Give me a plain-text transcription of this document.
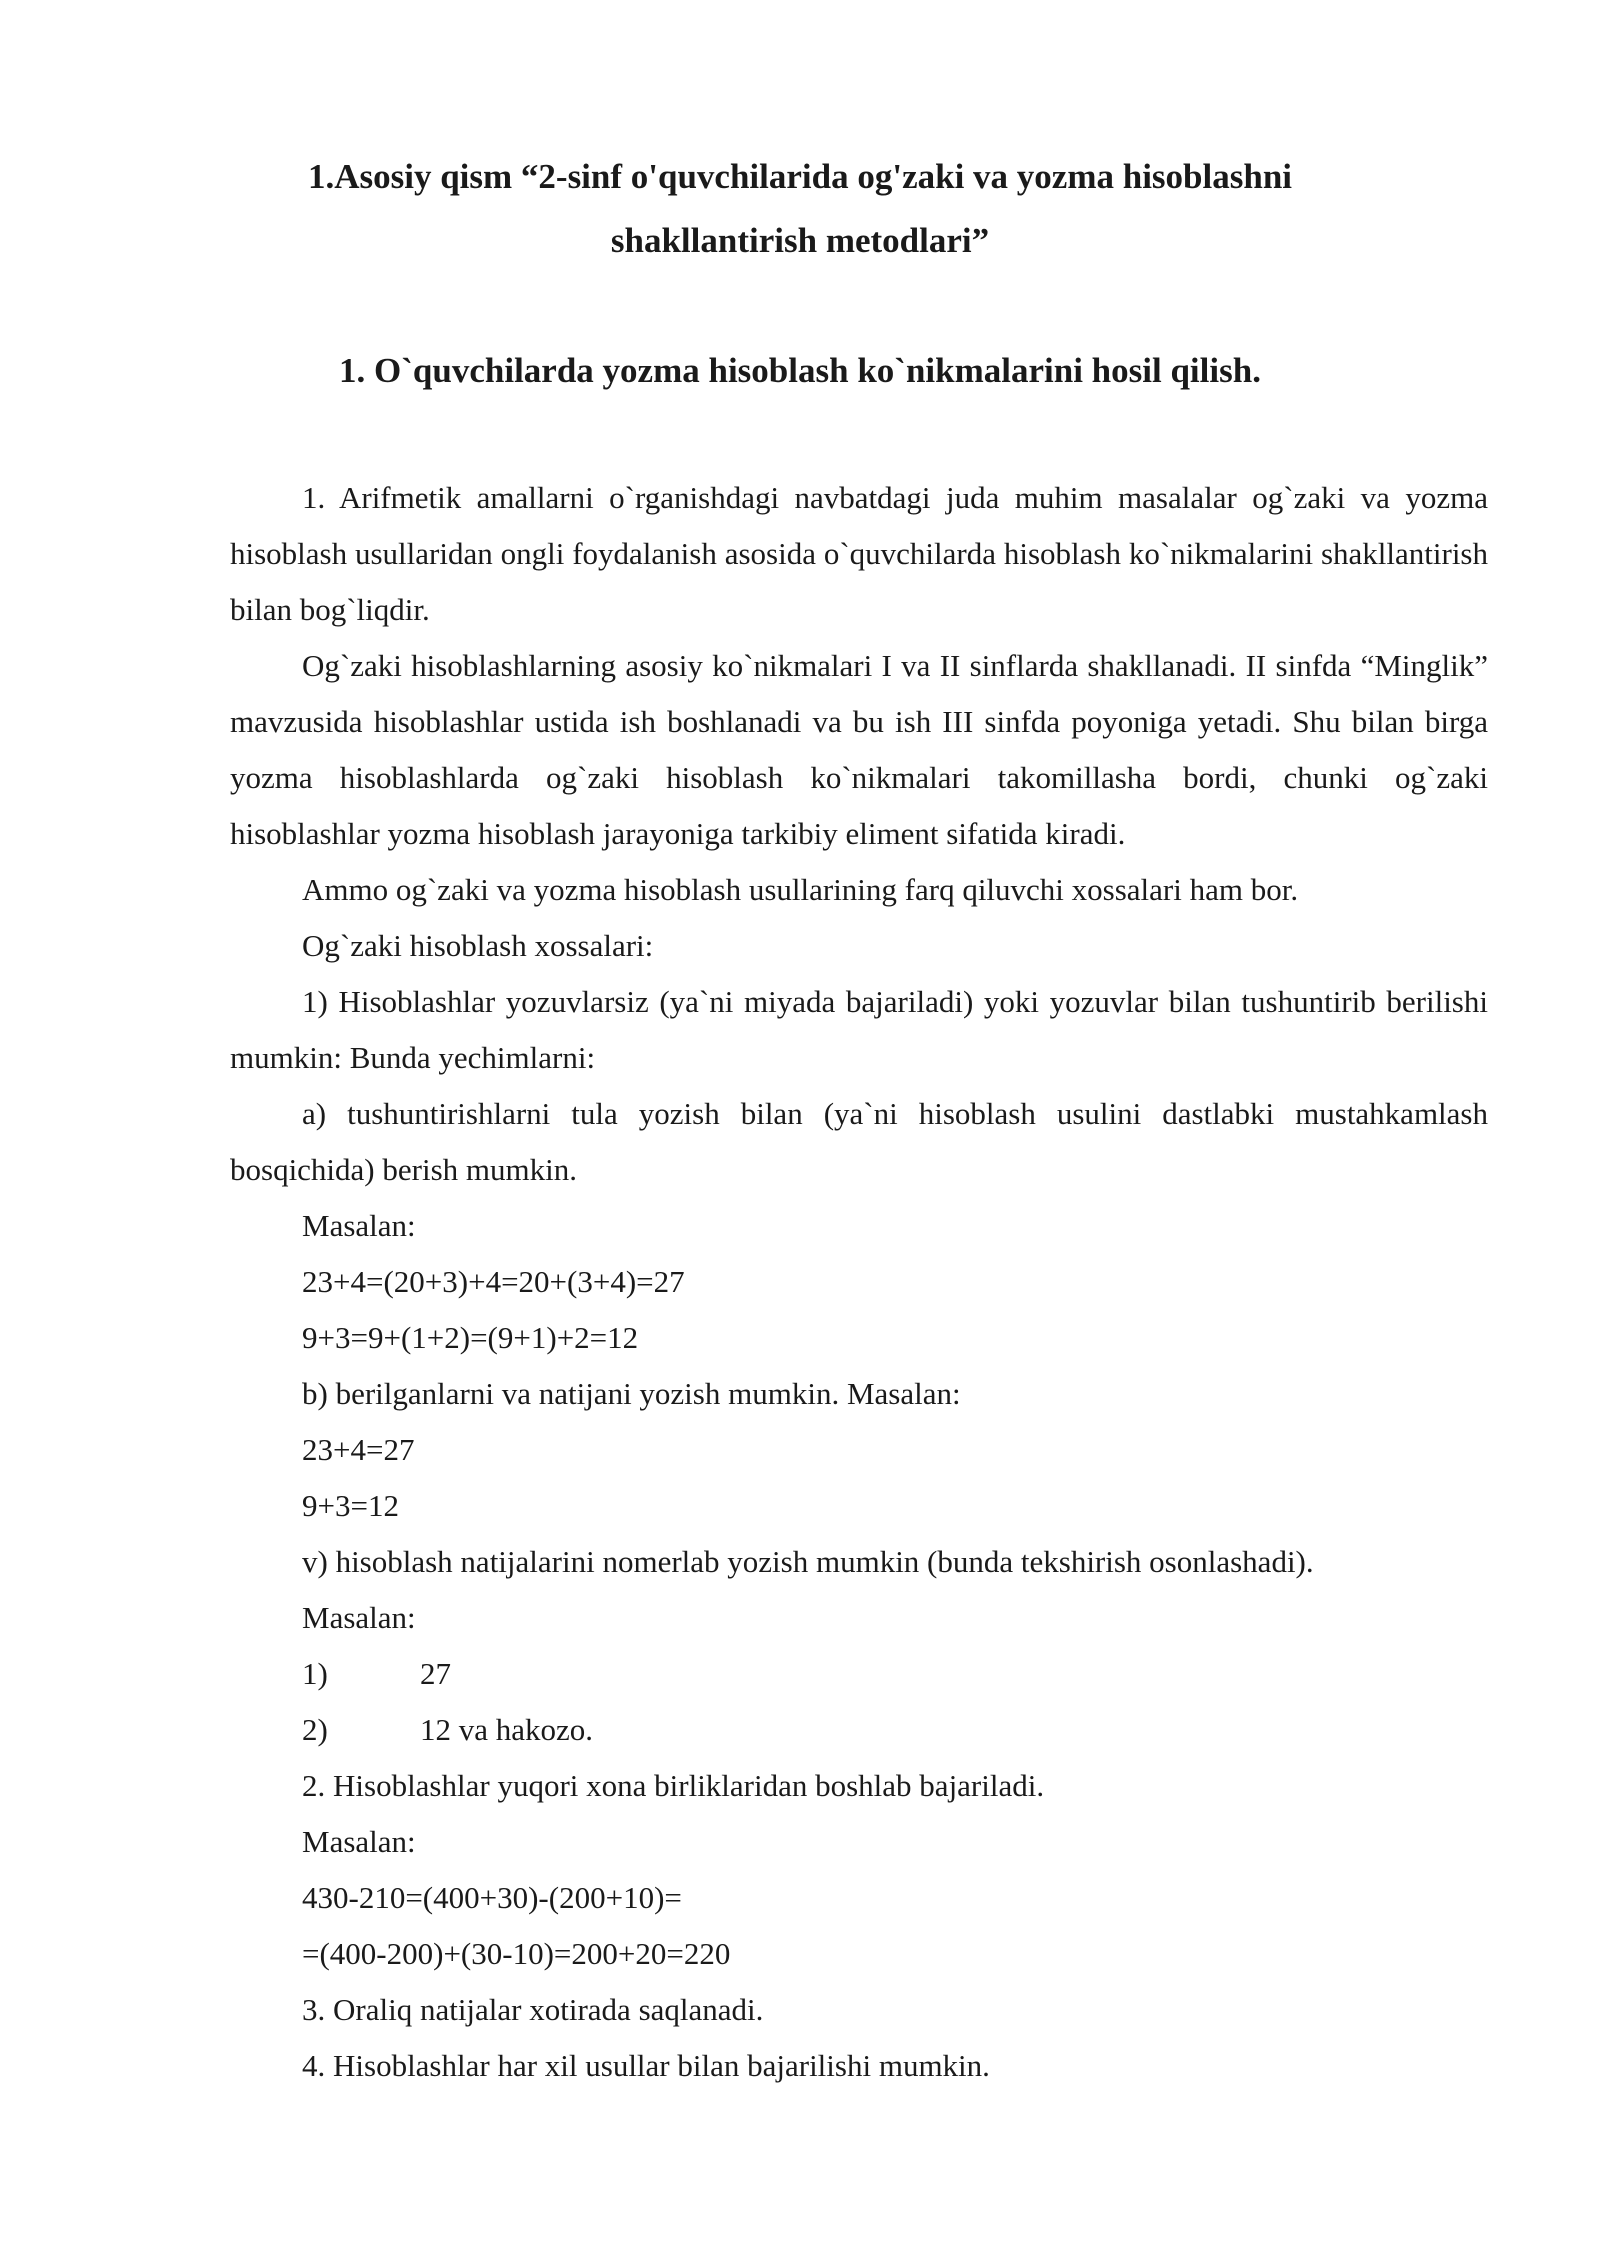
1.Asosiy qism “2-sinf o'quvchilarida og'zaki va yozma hisoblashni shakllantirish metodlari”
1. O`quvchilarda yozma hisoblash ko`nikmalarini hosil qilish.

1. Arifmetik amallarni o`rganishdagi navbatdagi juda muhim masalalar og`zaki va yozma hisoblash usullaridan ongli foydalanish asosida o`quvchilarda hisoblash ko`nikmalarini shakllantirish bilan bog`liqdir.

Og`zaki hisoblashlarning asosiy ko`nikmalari I va II sinflarda shakllanadi. II sinfda “Minglik” mavzusida hisoblashlar ustida ish boshlanadi va bu ish III sinfda poyoniga yetadi. Shu bilan birga yozma hisoblashlarda og`zaki hisoblash ko`nikmalari takomillasha bordi, chunki og`zaki hisoblashlar yozma hisoblash jarayoniga tarkibiy eliment sifatida kiradi.

Ammo og`zaki va yozma hisoblash usullarining farq qiluvchi xossalari ham bor.

Og`zaki hisoblash xossalari:

1) Hisoblashlar yozuvlarsiz (ya`ni miyada bajariladi) yoki yozuvlar bilan tushuntirib berilishi mumkin: Bunda yechimlarni:

a) tushuntirishlarni tula yozish bilan (ya`ni hisoblash usulini dastlabki mustahkamlash bosqichida) berish mumkin.

Masalan:

23+4=(20+3)+4=20+(3+4)=27

9+3=9+(1+2)=(9+1)+2=12

b) berilganlarni va natijani yozish mumkin. Masalan:

23+4=27

9+3=12

v) hisoblash natijalarini nomerlab yozish mumkin (bunda tekshirish osonlashadi).

Masalan:

1)	27

2)	12 va hakozo.

2. Hisoblashlar yuqori xona birliklaridan boshlab bajariladi.

Masalan:

430-210=(400+30)-(200+10)=

=(400-200)+(30-10)=200+20=220

3. Oraliq natijalar xotirada saqlanadi.

4. Hisoblashlar har xil usullar bilan bajarilishi mumkin.
